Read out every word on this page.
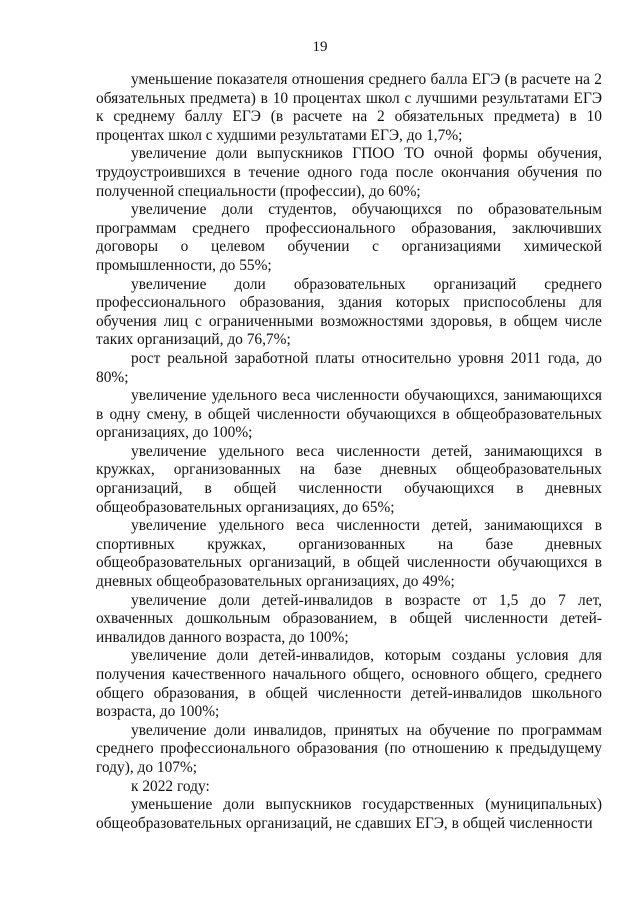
19

уменьшение показателя отношения среднего балла ЕГЭ (в расчете на 2 обязательных предмета) в 10 процентах школ с лучшими результатами ЕГЭ к среднему баллу ЕГЭ (в расчете на 2 обязательных предмета) в 10 процентах школ с худшими результатами ЕГЭ, до 1,7%;

увеличение доли выпускников ГПОО ТО очной формы обучения, трудоустроившихся в течение одного года после окончания обучения по полученной специальности (профессии), до 60%;

увеличение доли студентов, обучающихся по образовательным программам среднего профессионального образования, заключивших договоры о целевом обучении с организациями химической промышленности, до 55%;

увеличение доли образовательных организаций среднего профессионального образования, здания которых приспособлены для обучения лиц с ограниченными возможностями здоровья, в общем числе таких организаций, до 76,7%;

рост реальной заработной платы относительно уровня 2011 года, до 80%;

увеличение удельного веса численности обучающихся, занимающихся в одну смену, в общей численности обучающихся в общеобразовательных организациях, до 100%;

увеличение удельного веса численности детей, занимающихся в кружках, организованных на базе дневных общеобразовательных организаций, в общей численности обучающихся в дневных общеобразовательных организациях, до 65%;

увеличение удельного веса численности детей, занимающихся в спортивных кружках, организованных на базе дневных общеобразовательных организаций, в общей численности обучающихся в дневных общеобразовательных организациях, до 49%;

увеличение доли детей-инвалидов в возрасте от 1,5 до 7 лет, охваченных дошкольным образованием, в общей численности детей-инвалидов данного возраста, до 100%;

увеличение доли детей-инвалидов, которым созданы условия для получения качественного начального общего, основного общего, среднего общего образования, в общей численности детей-инвалидов школьного возраста, до 100%;

увеличение доли инвалидов, принятых на обучение по программам среднего профессионального образования (по отношению к предыдущему году), до 107%;

к 2022 году:

уменьшение доли выпускников государственных (муниципальных) общеобразовательных организаций, не сдавших ЕГЭ, в общей численности
